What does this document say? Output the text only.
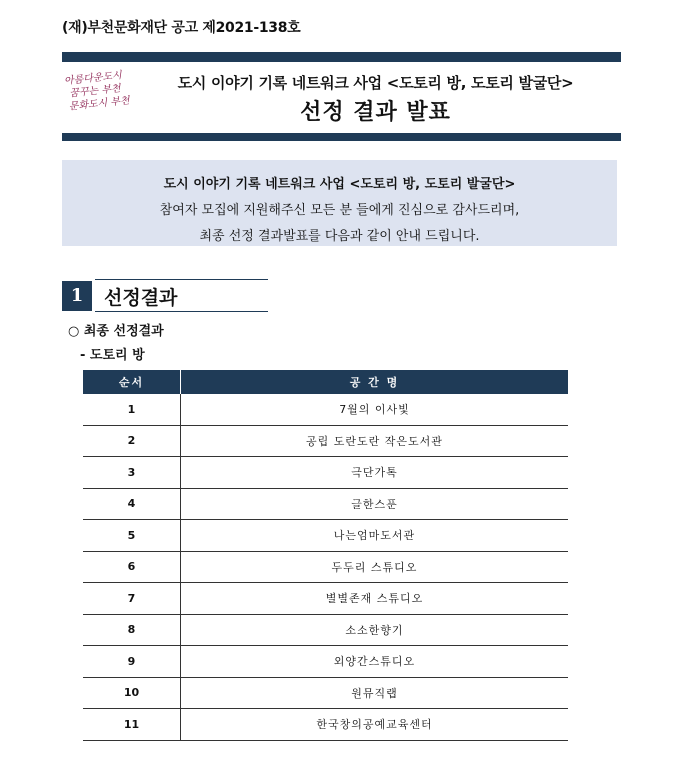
(재)부천문화재단 공고 제2021-138호
아름다운도시
꿈꾸는 부천
문화도시 부천
도시 이야기 기록 네트워크 사업 <도토리 방, 도토리 발굴단>
선정 결과 발표
도시 이야기 기록 네트워크 사업 <도토리 방, 도토리 발굴단>
참여자 모집에 지원해주신 모든 분 들에게 진심으로 감사드리며,
최종 선정 결과발표를 다음과 같이 안내 드립니다.
1	선정결과
○ 최종 선정결과
- 도토리 방
순서	공 간 명
1	7월의 이사빛
2	공립 도란도란 작은도서관
3	극단가톡
4	글한스푼
5	나는엄마도서관
6	두두리 스튜디오
7	별별존재 스튜디오
8	소소한향기
9	외양간스튜디오
10	원뮤직랩
11	한국창의공예교육센터
